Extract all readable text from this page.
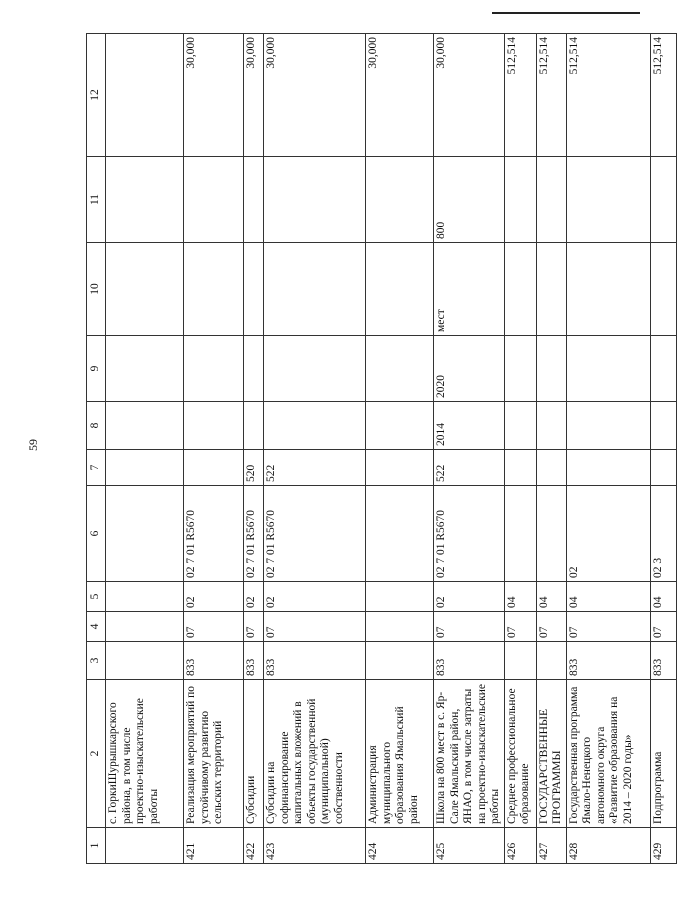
59
1	2	3	4	5	6	7	8	9	10	11	12
	с. ГоркиШурышкарского района, в том числе проектно-изыскательские работы										
421	Реализация мероприятий по устойчивому развитию сельских территорий	833	07	02	02 7 01 R5670						30,000
422	Субсидии	833	07	02	02 7 01 R5670	520					30,000
423	Субсидии на софинансирование капитальных вложений в объекты государственной (муниципальной) собственности	833	07	02	02 7 01 R5670	522					30,000
424	Администрация муниципального образования Ямальский район										30,000
425	Школа на 800 мест в с. Яр-Сале Ямальский район, ЯНАО, в том числе затраты на проектно-изыскательские работы	833	07	02	02 7 01 R5670	522	2014	2020	мест	800	30,000
426	Среднее профессиональное образование		07	04							512,514
427	ГОСУДАРСТВЕННЫЕ ПРОГРАММЫ		07	04							512,514
428	Государственная программа Ямало-Ненецкого автономного округа «Развитие образования на 2014 – 2020 годы»	833	07	04	02						512,514
429	Подпрограмма	833	07	04	02 3						512,514
